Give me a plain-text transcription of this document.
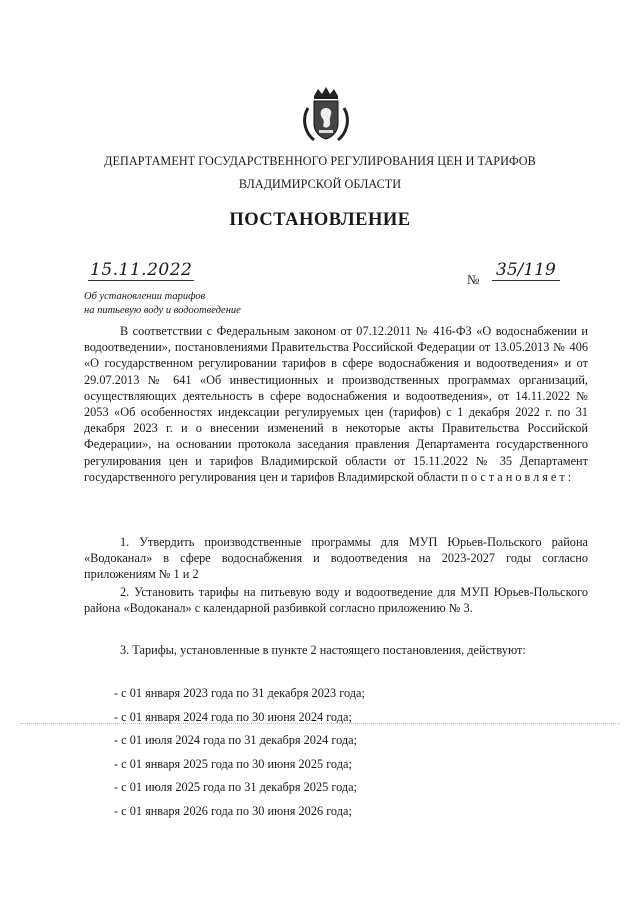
ДЕПАРТАМЕНТ ГОСУДАРСТВЕННОГО РЕГУЛИРОВАНИЯ ЦЕН И ТАРИФОВ
ВЛАДИМИРСКОЙ ОБЛАСТИ
ПОСТАНОВЛЕНИЕ
15.11.2022	№ 35/119
Об установлении тарифов
на питьевую воду и водоотведение
В соответствии с Федеральным законом от 07.12.2011 № 416-ФЗ «О водоснабжении и водоотведении», постановлениями Правительства Российской Федерации от 13.05.2013 № 406 «О государственном регулировании тарифов в сфере водоснабжения и водоотведения» и от 29.07.2013 № 641 «Об инвестиционных и производственных программах организаций, осуществляющих деятельность в сфере водоснабжения и водоотведения», от 14.11.2022 № 2053 «Об особенностях индексации регулируемых цен (тарифов) с 1 декабря 2022 г. по 31 декабря 2023 г. и о внесении изменений в некоторые акты Правительства Российской Федерации», на основании протокола заседания правления Департамента государственного регулирования цен и тарифов Владимирской области от 15.11.2022 № 35 Департамент государственного регулирования цен и тарифов Владимирской области постановляет:
1. Утвердить производственные программы для МУП Юрьев-Польского района «Водоканал» в сфере водоснабжения и водоотведения на 2023-2027 годы согласно приложениям № 1 и 2
2. Установить тарифы на питьевую воду и водоотведение для МУП Юрьев-Польского района «Водоканал» с календарной разбивкой согласно приложению № 3.
3. Тарифы, установленные в пункте 2 настоящего постановления, действуют:
- с 01 января 2023 года по 31 декабря 2023 года;
- с 01 января 2024 года по 30 июня 2024 года;
- с 01 июля 2024 года по 31 декабря 2024 года;
- с 01 января 2025 года по 30 июня 2025 года;
- с 01 июля 2025 года по 31 декабря 2025 года;
- с 01 января 2026 года по 30 июня 2026 года;
